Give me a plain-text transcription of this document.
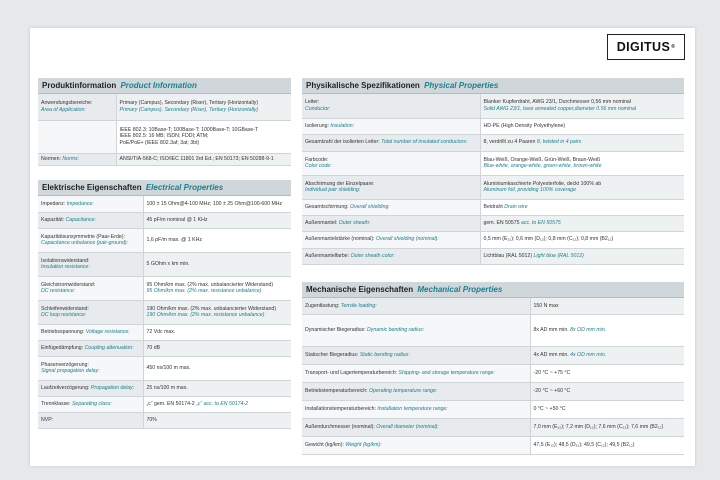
DIGITUS ®
Produktinformation Product Information
Anwendungsbereiche:
Area of Application:	Primary (Campus), Secondary (Riser), Tertiary (Horizontally)
Primary (Campus), Secondary (Riser), Tertiary (Horizontally)

	IEEE 802.3: 10Base-T; 100Base-T; 1000Base-T; 10GBase-T
IEEE 802.5: 16 MB; ISDN; FDDI; ATM;
PoE/PoE+ (IEEE 802.3af; 3at; 3bt)

Normen: Norms:	ANSI/TIA-568-C; ISO/IEC 11801 3rd Ed.; EN 50173; EN 50288-9-1
Elektrische Eigenschaften Electrical Properties
Impedanz: Impedance:	100 ± 15 Ohm@4-100 MHz; 100 ± 25 Ohm@100-600 MHz
Kapazität: Capacitance:	45 pF/m nominal @ 1 KHz

Kapazitätsunsymmetrie (Paar-Erde):
Capacitance unbalance (pair-ground):	1,6 pF/m max. @ 1 KHz

Isolationswiderstand:
Insulation resistance:	5 GOhm x km min.

Gleichstromwiderstand:
DC resistance:	95 Ohm/km max. (2% max. unbalancierter Widerstand)
95 Ohm/km max. (2% max. resistance unbalance)

Schleifenwiderstand:
DC loop resistance:	190 Ohm/km max. (2% max. unbalancierter Widerstand)
190 Ohm/km max. (2% max. resistance unbalance)

Betriebsspannung: Voltage resistance:	72 Vdc max.
Einfügedämpfung: Coupling attenuation:	70 dB

Phasenverzögerung:
Signal propagation delay:	450 ns/100 m max.
Laufzeitverzögerung: Propagation delay:	25 ns/100 m max.
Trennklasse: Separating class:	„c“ gem. EN 50174-2 „c“ acc. to EN 50174-2
NVP:	70%
Physikalische Spezifikationen Physical Properties
Leiter:
Conductor:	Blanker Kupferdraht, AWG 23/1, Durchmesser 0,56 mm nominal
Solid AWG 23/1, bare annealed copper,diameter 0.56 mm nominal

Isolierung: Insulation:	HD-PE (High Density Polyethylene)
Gesamtzahl der isolierten Leiter: Total number of insulated conductors:	8, verdrillt zu 4 Paaren 8, twisted in 4 pairs

Farbcode:
Color code:	Blau-Weiß, Orange-Weiß, Grün-Weiß, Braun-Weiß
Blue-white, orange-white, green-white, brown-white

Abschirmung der Einzelpaare:
Individual pair shielding:	Aluminiumkaschierte Polyesterfolie, deckt 100% ab
Aluminum foil, providing 100% coverage

Gesamtschirmung: Overall shielding:	Beidraht Drain wire
Außenmantel: Outer sheath:	gem. EN 50575 acc. to EN 50575
Außenmantelstärke (nominal): Overall shielding (nominal):	0,5 mm (E₁₂); 0,6 mm (D₁₂); 0,8 mm (C₁₂); 0,8 mm (B2₁₂)
Außenmantelfarbe: Outer sheath color:	Lichtblau (RAL 5012) Light blue (RAL 5012)
Mechanische Eigenschaften Mechanical Properties
Zugentlastung: Tensile loading:	150 N max
Dynamischer Biegeradius: Dynamic bending radius:	8x AD mm min. 8x OD mm min.
Statischer Biegeradius: Static bending radius:	4x AD mm min. 4x OD mm min.
Transport- und Lagertemperaturbereich: Shipping- and storage temperature range:	-20 °C ~ +75 °C
Betriebstemperaturbereich: Operating temperature range:	-20 °C ~ +60 °C
Installationstemperaturbereich: Installation temperature range:	0 °C ~ +50 °C
Außendurchmesser (nominal): Overall diameter (nominal):	7,0 mm (E₁₂); 7,2 mm (D₁₂); 7,6 mm (C₁₂); 7,6 mm (B2₁₂)
Gewicht (kg/km): Weight (kg/km):	47,5 (E₁₂); 48,5 (D₁₂); 49,5 (C₁₂); 49,5 (B2₁₂)
